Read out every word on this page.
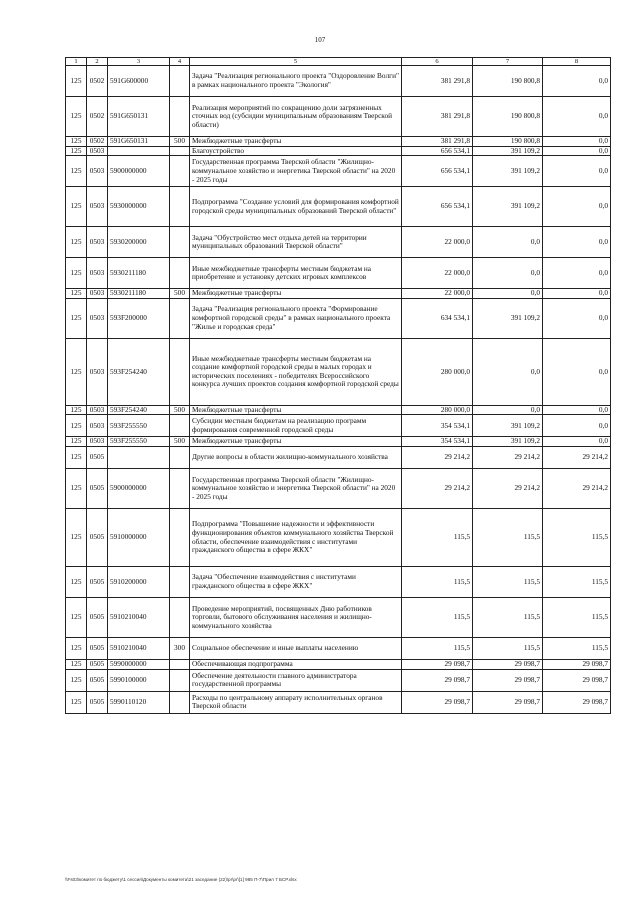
107
1	2	3	4	5	6	7	8
125	0502	591G600000		Задача "Реализация регионального проекта "Оздоровление Волги" в рамках национального проекта "Экология"	381 291,8	190 800,8	0,0
125	0502	591G650131		Реализация мероприятий по сокращению доли загрязненных сточных вод (субсидии муниципальным образованиям Тверской области)	381 291,8	190 800,8	0,0
125	0502	591G650131	500	Межбюджетные трансферты	381 291,8	190 800,8	0,0
125	0503			Благоустройство	656 534,1	391 109,2	0,0
125	0503	5900000000		Государственная программа Тверской области "Жилищно-коммунальное хозяйство и энергетика Тверской области" на 2020 - 2025 годы	656 534,1	391 109,2	0,0
125	0503	5930000000		Подпрограмма "Создание условий для формирования комфортной городской среды муниципальных образований Тверской области"	656 534,1	391 109,2	0,0
125	0503	5930200000		Задача "Обустройство мест отдыха детей на территории муниципальных образований Тверской области"	22 000,0	0,0	0,0
125	0503	5930211180		Иные межбюджетные трансферты местным бюджетам на приобретение и установку детских игровых комплексов	22 000,0	0,0	0,0
125	0503	5930211180	500	Межбюджетные трансферты	22 000,0	0,0	0,0
125	0503	593F200000		Задача "Реализация регионального проекта "Формирование комфортной городской среды" в рамках национального проекта "Жилье и городская среда"	634 534,1	391 109,2	0,0
125	0503	593F254240		Иные межбюджетные трансферты местным бюджетам на создание комфортной городской среды в малых городах и исторических поселениях - победителях Всероссийского конкурса лучших проектов создания комфортной городской среды	280 000,0	0,0	0,0
125	0503	593F254240	500	Межбюджетные трансферты	280 000,0	0,0	0,0
125	0503	593F255550		Субсидии местным бюджетам на реализацию программ формирования современной городской среды	354 534,1	391 109,2	0,0
125	0503	593F255550	500	Межбюджетные трансферты	354 534,1	391 109,2	0,0
125	0505			Другие вопросы в области жилищно-коммунального хозяйства	29 214,2	29 214,2	29 214,2
125	0505	5900000000		Государственная программа Тверской области "Жилищно-коммунальное хозяйство и энергетика Тверской области" на 2020 - 2025 годы	29 214,2	29 214,2	29 214,2
125	0505	5910000000		Подпрограмма "Повышение надежности и эффективности функционирования объектов коммунального хозяйства Тверской области, обеспечение взаимодействия с институтами гражданского общества в сфере ЖКХ"	115,5	115,5	115,5
125	0505	5910200000		Задача "Обеспечение взаимодействия с институтами гражданского общества в сфере ЖКХ"	115,5	115,5	115,5
125	0505	5910210040		Проведение мероприятий, посвященных Дню работников торговли, бытового обслуживания населения и жилищно-коммунального хозяйства	115,5	115,5	115,5
125	0505	5910210040	300	Социальное обеспечение и иные выплаты населению	115,5	115,5	115,5
125	0505	5990000000		Обеспечивающая подпрограмма	29 098,7	29 098,7	29 098,7
125	0505	5990100000		Обеспечение деятельности главного администратора государственной программы	29 098,7	29 098,7	29 098,7
125	0505	5990110120		Расходы по центральному аппарату исполнительных органов Тверской области	29 098,7	29 098,7	29 098,7
\\Fs03\комитет по бюджету\1 сессия\Документы комитета\21 заседание (22)\pr\pr\[1] 985 П-7\Прил 7 БСР.xlsx
